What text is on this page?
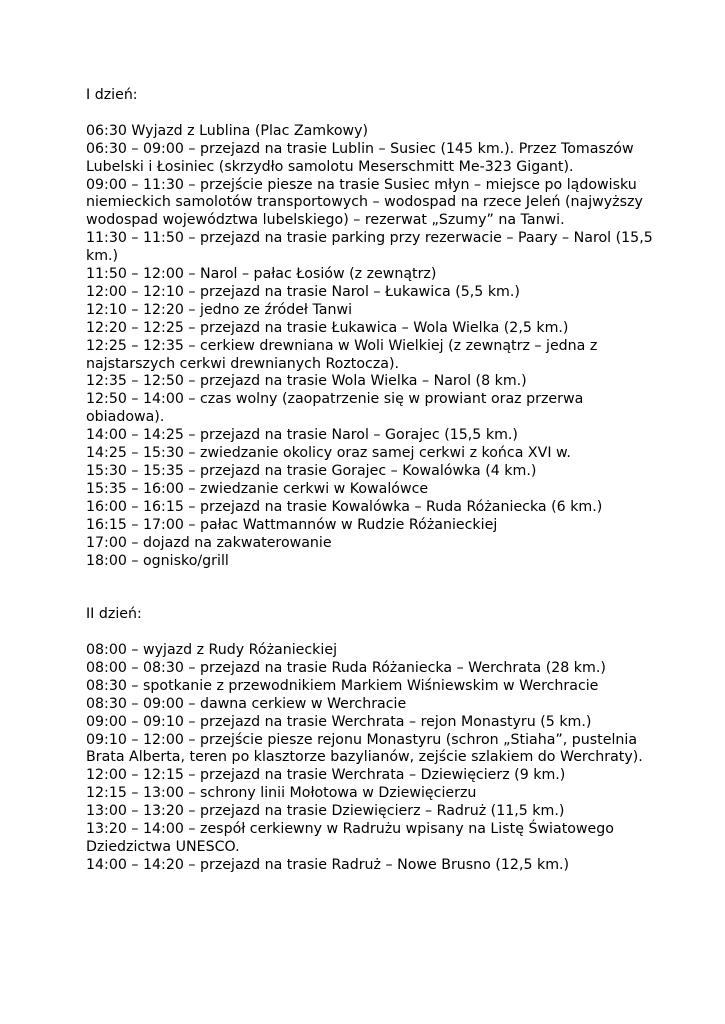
I dzień:

06:30 Wyjazd z Lublina (Plac Zamkowy)

06:30 – 09:00 – przejazd na trasie Lublin – Susiec (145 km.). Przez Tomaszów Lubelski i Łosiniec (skrzydło samolotu Meserschmitt Me-323 Gigant).

09:00 – 11:30 – przejście piesze na trasie Susiec młyn – miejsce po lądowisku niemieckich samolotów transportowych – wodospad na rzece Jeleń (najwyższy wodospad województwa lubelskiego) – rezerwat „Szumy” na Tanwi.

11:30 – 11:50 – przejazd na trasie parking przy rezerwacie – Paary – Narol (15,5 km.)

11:50 – 12:00 – Narol – pałac Łosiów (z zewnątrz)

12:00 – 12:10 – przejazd na trasie Narol – Łukawica (5,5 km.)

12:10 – 12:20 – jedno ze źródeł Tanwi

12:20 – 12:25 – przejazd na trasie Łukawica – Wola Wielka (2,5 km.)

12:25 – 12:35 – cerkiew drewniana w Woli Wielkiej (z zewnątrz – jedna z najstarszych cerkwi drewnianych Roztocza).

12:35 – 12:50 – przejazd na trasie Wola Wielka – Narol (8 km.)

12:50 – 14:00 – czas wolny (zaopatrzenie się w prowiant oraz przerwa obiadowa).

14:00 – 14:25 – przejazd na trasie Narol – Gorajec (15,5 km.)

14:25 – 15:30 – zwiedzanie okolicy oraz samej cerkwi z końca XVI w.

15:30 – 15:35 – przejazd na trasie Gorajec – Kowalówka (4 km.)

15:35 – 16:00 – zwiedzanie cerkwi w Kowalówce

16:00 – 16:15 – przejazd na trasie Kowalówka – Ruda Różaniecka (6 km.)

16:15 – 17:00 – pałac Wattmannów w Rudzie Różanieckiej

17:00 – dojazd na zakwaterowanie

18:00 – ognisko/grill

II dzień:

08:00 – wyjazd z Rudy Różanieckiej

08:00 – 08:30 – przejazd na trasie Ruda Różaniecka – Werchrata (28 km.)

08:30 – spotkanie z przewodnikiem Markiem Wiśniewskim w Werchracie

08:30 – 09:00 – dawna cerkiew w Werchracie

09:00 – 09:10 – przejazd na trasie Werchrata – rejon Monastyru (5 km.)

09:10 – 12:00 – przejście piesze rejonu Monastyru (schron „Stiaha”, pustelnia Brata Alberta, teren po klasztorze bazylianów, zejście szlakiem do Werchraty).

12:00 – 12:15 – przejazd na trasie Werchrata – Dziewięcierz (9 km.)

12:15 – 13:00 – schrony linii Mołotowa w Dziewięcierzu

13:00 – 13:20 – przejazd na trasie Dziewięcierz – Radruż (11,5 km.)

13:20 – 14:00 – zespół cerkiewny w Radrużu wpisany na Listę Światowego Dziedzictwa UNESCO.

14:00 – 14:20 – przejazd na trasie Radruż – Nowe Brusno (12,5 km.)
